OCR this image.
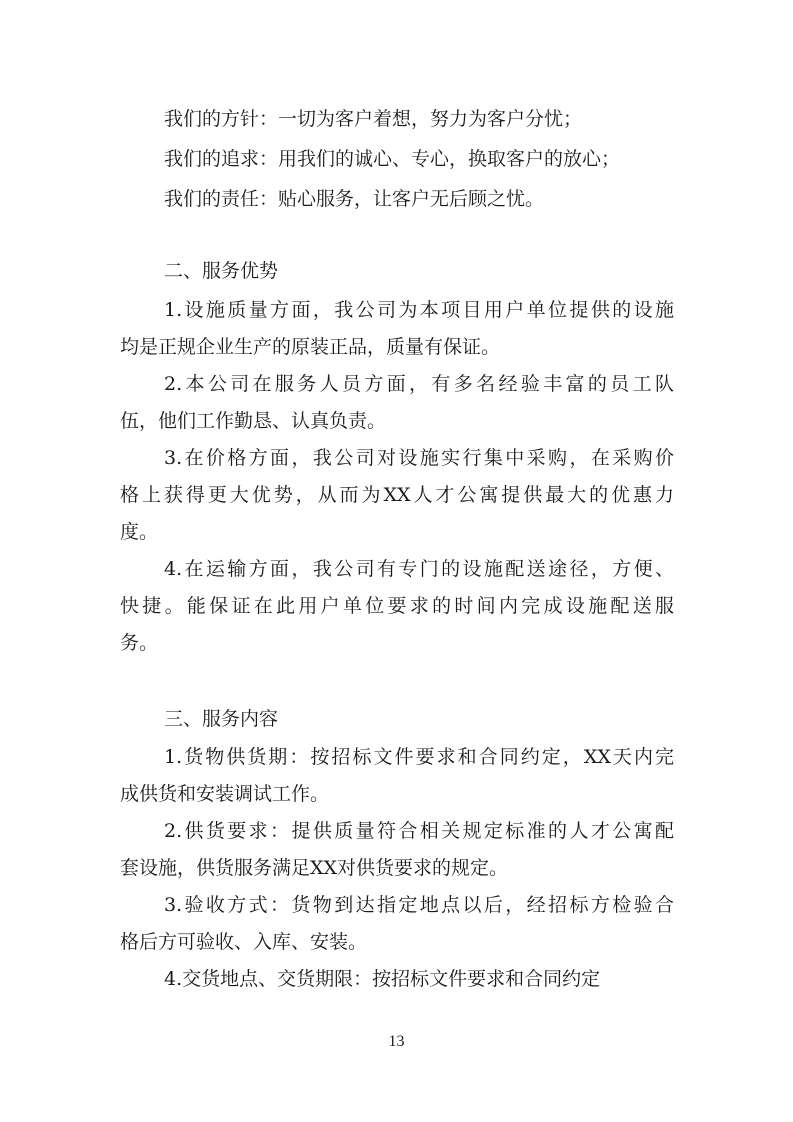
我们的方针：一切为客户着想，努力为客户分忧；
我们的追求：用我们的诚心、专心，换取客户的放心；
我们的责任：贴心服务，让客户无后顾之忧。
二、服务优势
1.设施质量方面，我公司为本项目用户单位提供的设施
均是正规企业生产的原装正品，质量有保证。
2.本公司在服务人员方面，有多名经验丰富的员工队
伍，他们工作勤恳、认真负责。
3.在价格方面，我公司对设施实行集中采购，在采购价
格上获得更大优势，从而为XX人才公寓提供最大的优惠力
度。
4.在运输方面，我公司有专门的设施配送途径，方便、
快捷。能保证在此用户单位要求的时间内完成设施配送服
务。
三、服务内容
1.货物供货期：按招标文件要求和合同约定，XX天内完
成供货和安装调试工作。
2.供货要求：提供质量符合相关规定标准的人才公寓配
套设施，供货服务满足XX对供货要求的规定。
3.验收方式：货物到达指定地点以后，经招标方检验合
格后方可验收、入库、安装。
4.交货地点、交货期限：按招标文件要求和合同约定
13
